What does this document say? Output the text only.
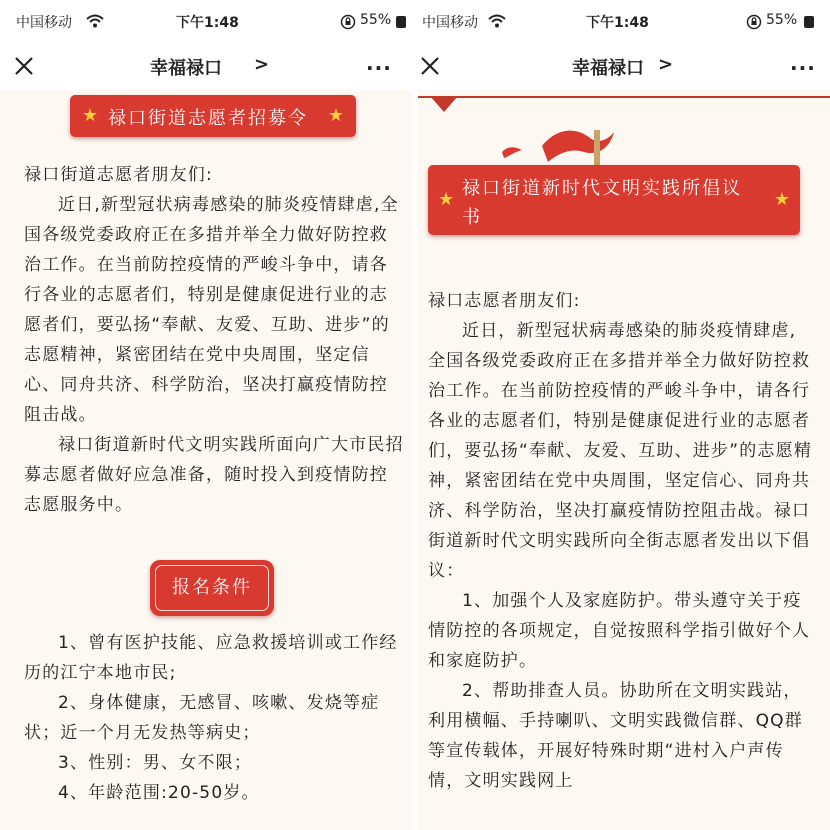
中国移动	下午1:48	55%
幸福禄口 >	···
★ 禄口街道志愿者招募令 ★

禄口街道志愿者朋友们:

近日,新型冠状病毒感染的肺炎疫情肆虐,全国各级党委政府正在多措并举全力做好防控救治工作。在当前防控疫情的严峻斗争中，请各行各业的志愿者们，特别是健康促进行业的志愿者们，要弘扬“奉献、友爱、互助、进步”的志愿精神，紧密团结在党中央周围，坚定信心、同舟共济、科学防治，坚决打赢疫情防控阻击战。

禄口街道新时代文明实践所面向广大市民招募志愿者做好应急准备，随时投入到疫情防控志愿服务中。

报名条件

1、曾有医护技能、应急救援培训或工作经历的江宁本地市民;

2、身体健康，无感冒、咳嗽、发烧等症状；近一个月无发热等病史；

3、性别：男、女不限；

4、年龄范围:20-50岁。

中国移动	下午1:48	55%
幸福禄口 >	···
★
禄口街道新时代文明实践所倡议
书
★

禄口志愿者朋友们:

近日，新型冠状病毒感染的肺炎疫情肆虐,全国各级党委政府正在多措并举全力做好防控救治工作。在当前防控疫情的严峻斗争中，请各行各业的志愿者们，特别是健康促进行业的志愿者们，要弘扬“奉献、友爱、互助、进步”的志愿精神，紧密团结在党中央周围，坚定信心、同舟共济、科学防治，坚决打赢疫情防控阻击战。禄口街道新时代文明实践所向全街志愿者发出以下倡议：

1、加强个人及家庭防护。带头遵守关于疫情防控的各项规定，自觉按照科学指引做好个人和家庭防护。

2、帮助排查人员。协助所在文明实践站，利用横幅、手持喇叭、文明实践微信群、QQ群等宣传载体，开展好特殊时期“进村入户声传情，文明实践网上
